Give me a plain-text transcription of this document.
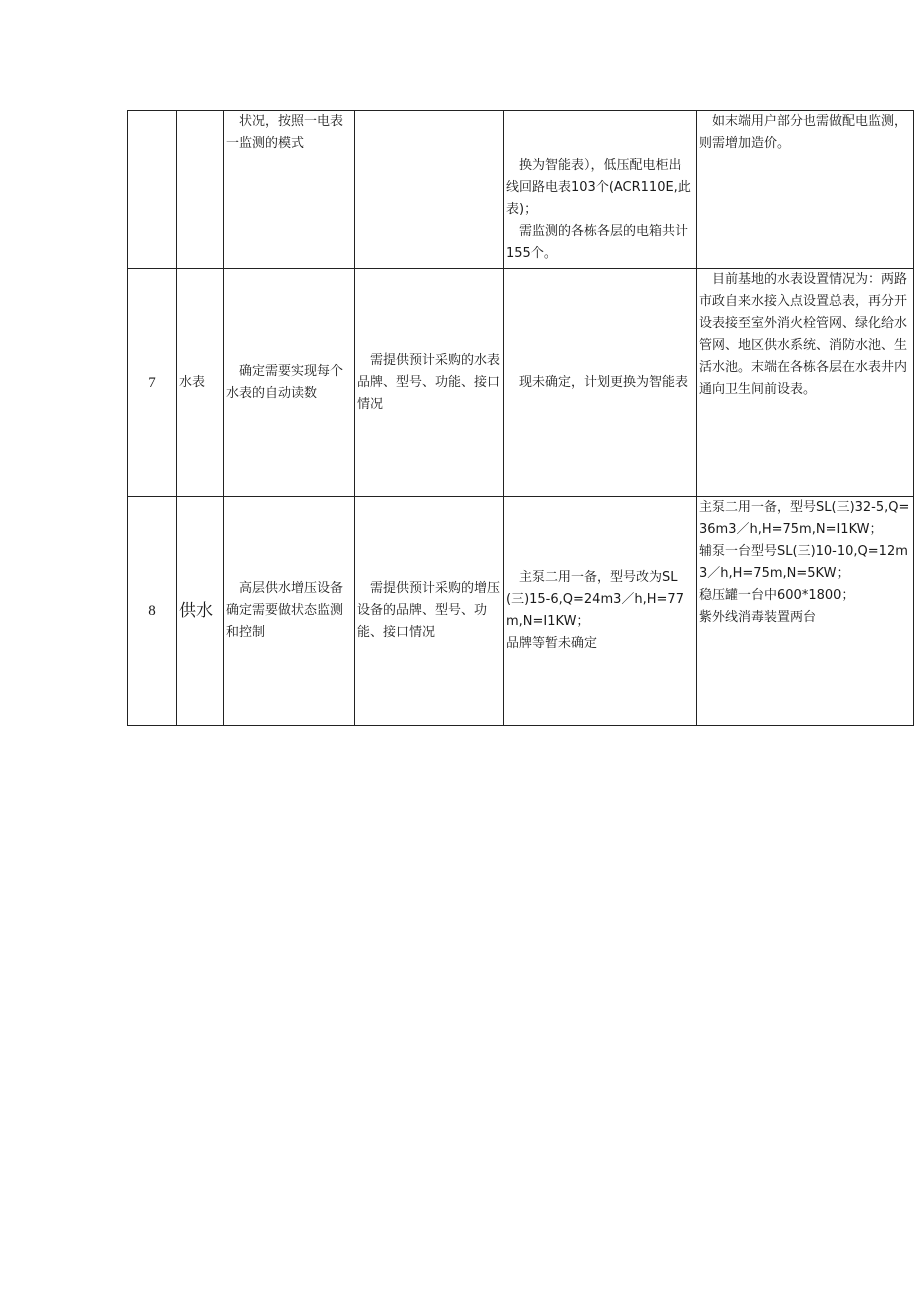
		状况，按照一电表一监测的模式		换为智能表），低压配电柜出线回路电表103个(ACR110E,此表)；
需监测的各栋各层的电箱共计155个。	如末端用户部分也需做配电监测，则需增加造价。

7	水表	确定需要实现每个水表的自动读数	需提供预计采购的水表品牌、型号、功能、接口情况	现未确定，计划更换为智能表	目前基地的水表设置情况为：两路市政自来水接入点设置总表，再分开设表接至室外消火栓管网、绿化给水管网、地区供水系统、消防水池、生活水池。末端在各栋各层在水表井内通向卫生间前设表。

8	供水	高层供水增压设备确定需要做状态监测和控制	需提供预计采购的增压设备的品牌、型号、功能、接口情况	主泵二用一备，型号改为SL(三)15-6,Q=24m3／h,H=77m,N=I1KW；
品牌等暂未确定	主泵二用一备，型号SL(三)32-5,Q=36m3／h,H=75m,N=I1KW；
辅泵一台型号SL(三)10-10,Q=12m3／h,H=75m,N=5KW；
稳压罐一台中600*1800；
紫外线消毒装置两台
